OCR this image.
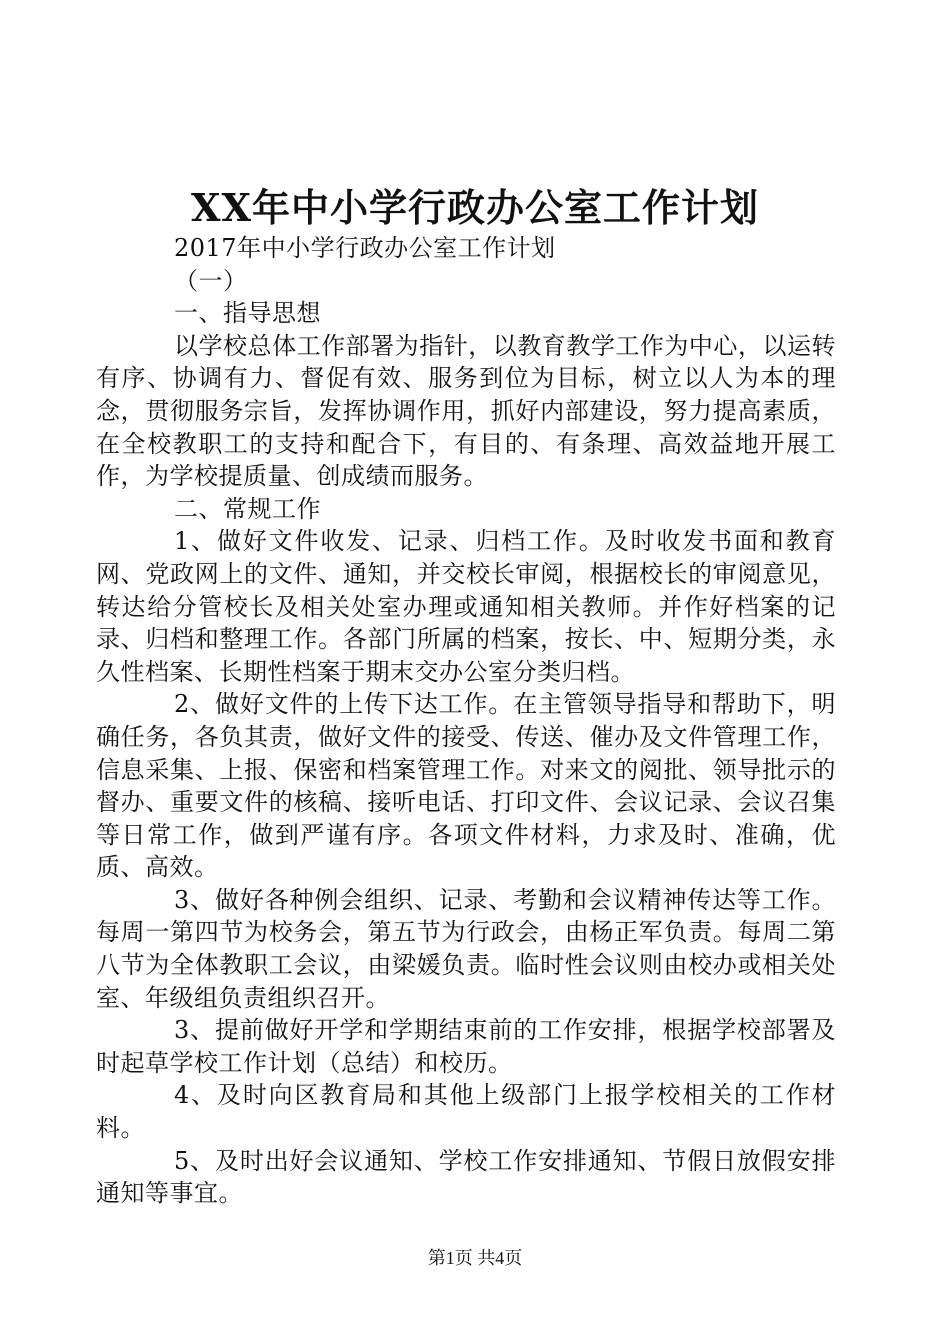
XX年中小学行政办公室工作计划

2017年中小学行政办公室工作计划

（一）

一、指导思想

以学校总体工作部署为指针，以教育教学工作为中心，以运转有序、协调有力、督促有效、服务到位为目标，树立以人为本的理念，贯彻服务宗旨，发挥协调作用，抓好内部建设，努力提高素质，在全校教职工的支持和配合下，有目的、有条理、高效益地开展工作，为学校提质量、创成绩而服务。

二、常规工作

1、做好文件收发、记录、归档工作。及时收发书面和教育网、党政网上的文件、通知，并交校长审阅，根据校长的审阅意见，转达给分管校长及相关处室办理或通知相关教师。并作好档案的记录、归档和整理工作。各部门所属的档案，按长、中、短期分类，永久性档案、长期性档案于期末交办公室分类归档。

2、做好文件的上传下达工作。在主管领导指导和帮助下，明确任务，各负其责，做好文件的接受、传送、催办及文件管理工作，信息采集、上报、保密和档案管理工作。对来文的阅批、领导批示的督办、重要文件的核稿、接听电话、打印文件、会议记录、会议召集等日常工作，做到严谨有序。各项文件材料，力求及时、准确，优质、高效。

3、做好各种例会组织、记录、考勤和会议精神传达等工作。每周一第四节为校务会，第五节为行政会，由杨正军负责。每周二第八节为全体教职工会议，由梁媛负责。临时性会议则由校办或相关处室、年级组负责组织召开。

3、提前做好开学和学期结束前的工作安排，根据学校部署及时起草学校工作计划（总结）和校历。

4、及时向区教育局和其他上级部门上报学校相关的工作材料。

5、及时出好会议通知、学校工作安排通知、节假日放假安排通知等事宜。

第1页 共4页
